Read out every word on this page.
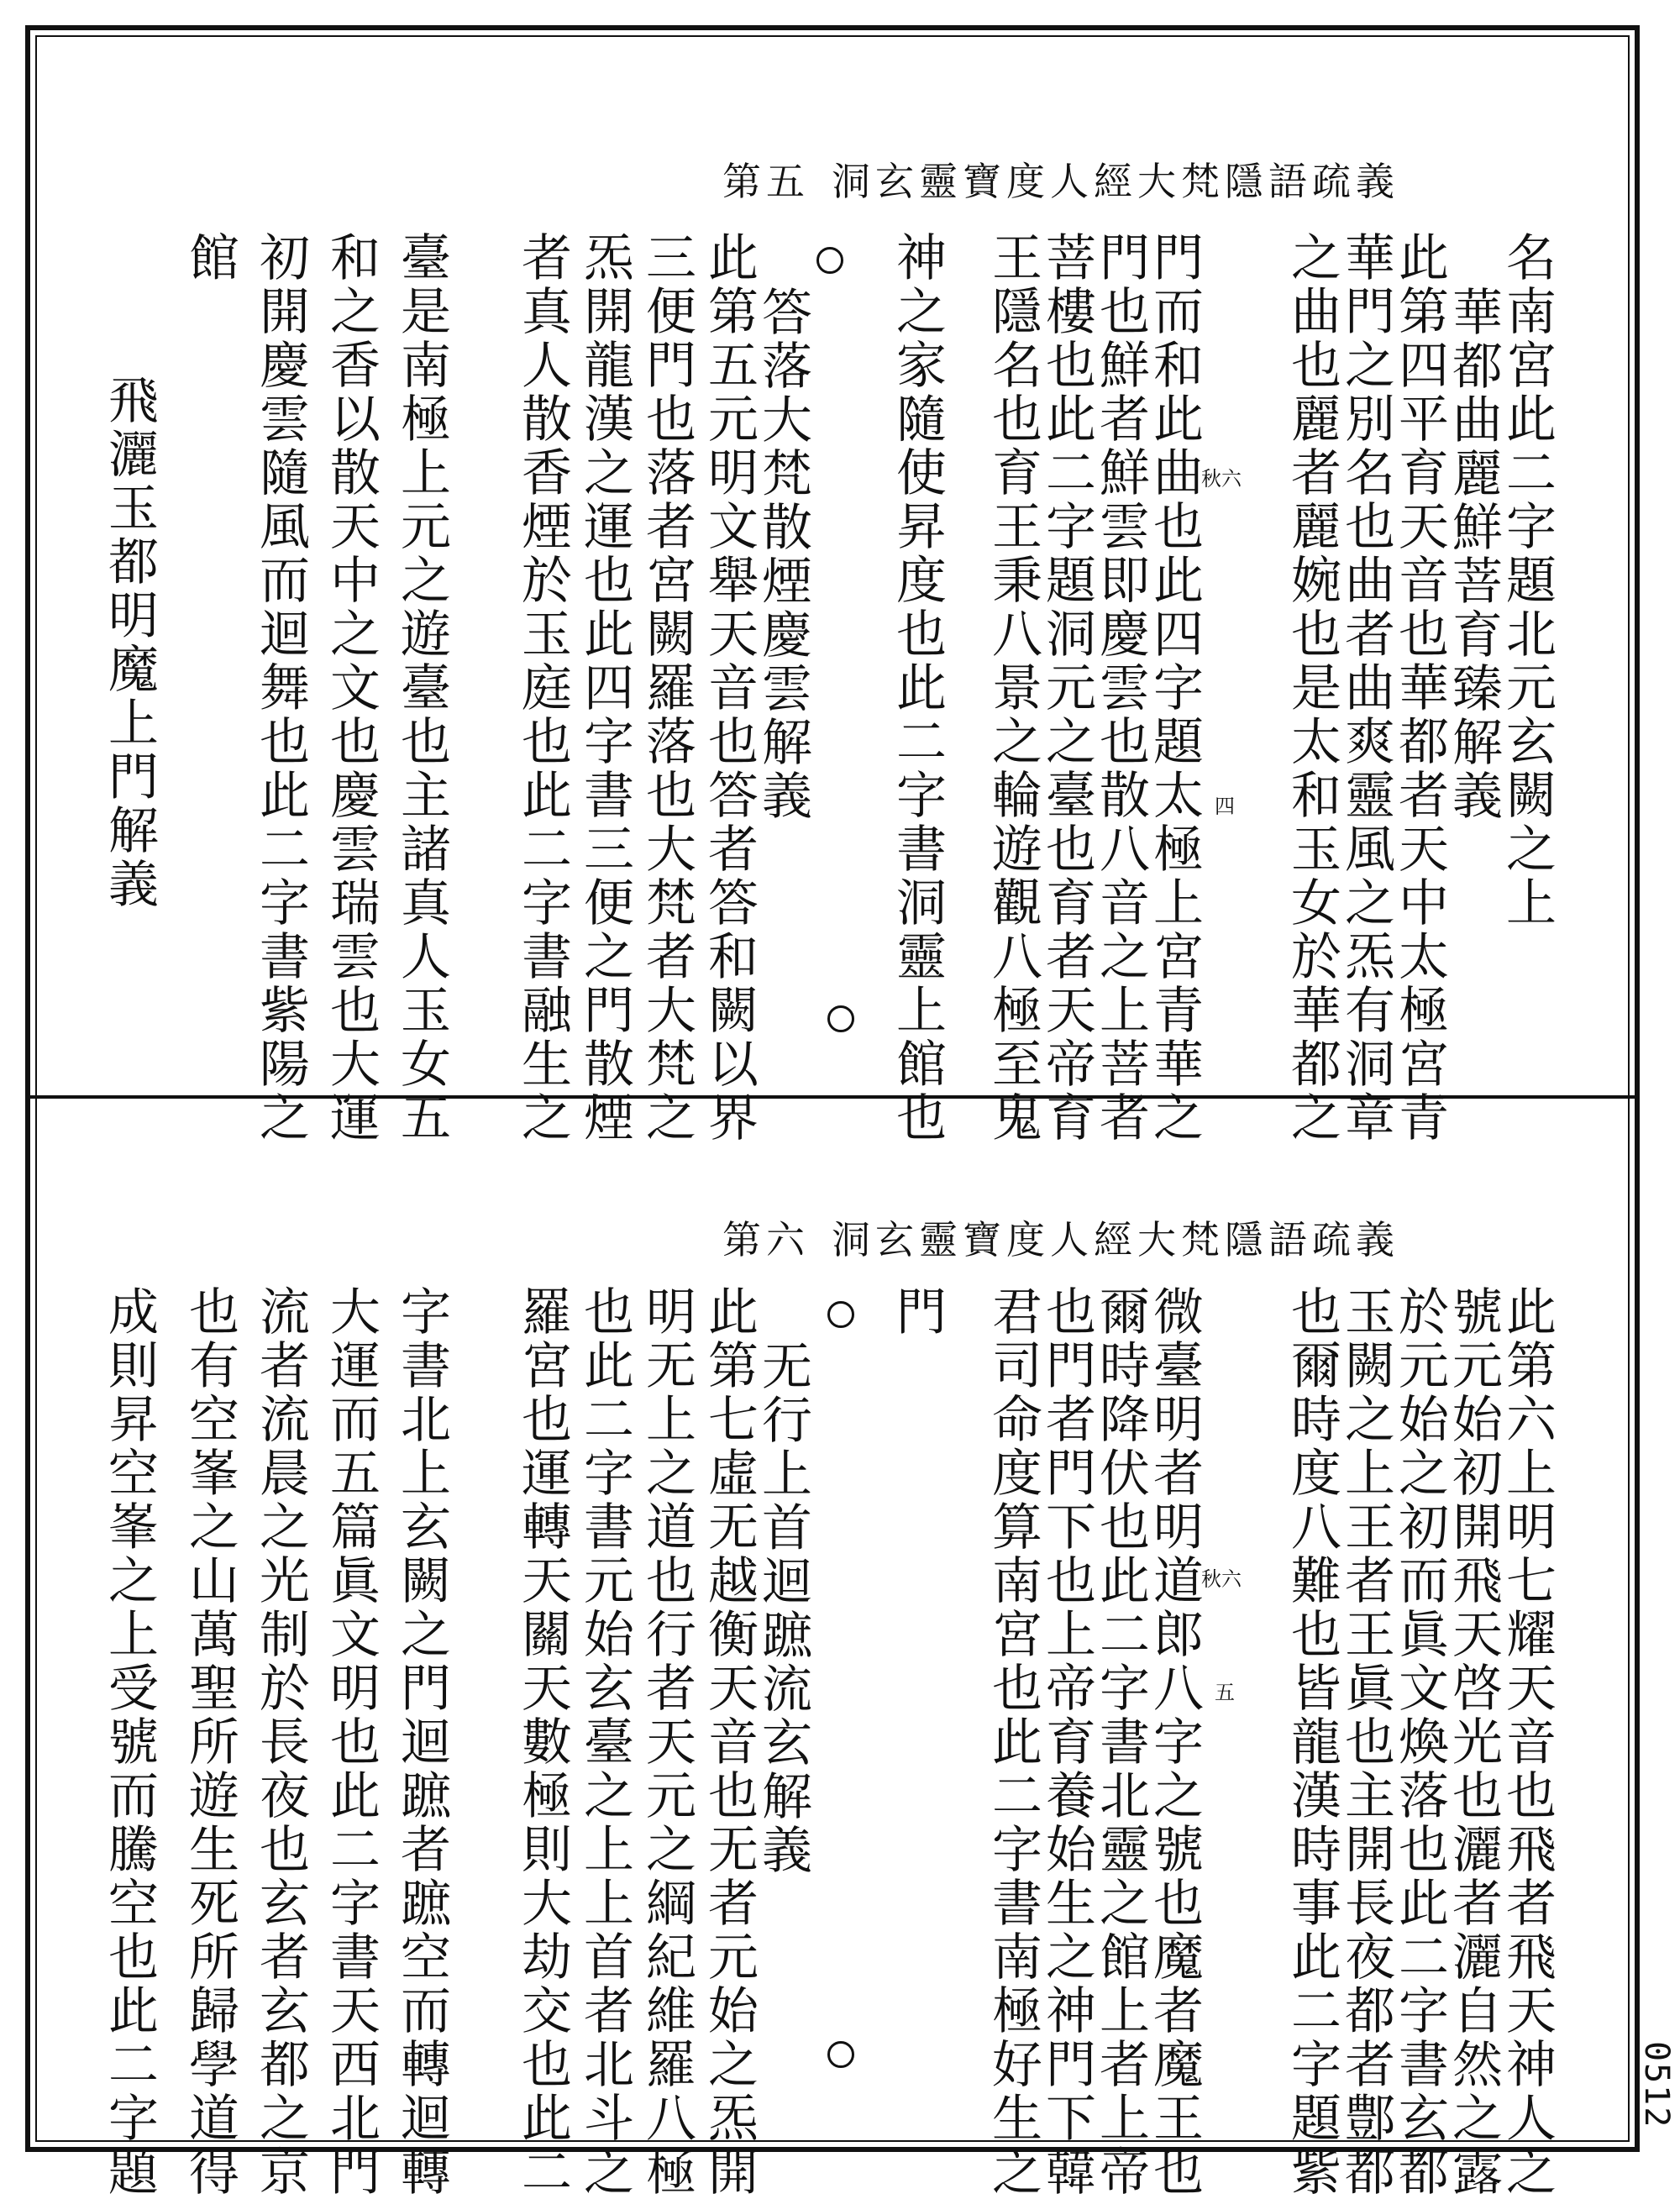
0512
洞玄靈寶度人經大梵隱語疏義
第五
秋六
四	名南宮此二字題北元玄闕之上
華都曲麗鮮菩育臻解義
此第四平育天音也華都者天中太極宮青
華門之別名也曲者曲爽靈風之炁有洞章
之曲也麗者麗婉也是太和玉女於華都之
門而和此曲也此四字題太極上宮青華之
門也鮮者鮮雲即慶雲也散八音之上菩者
菩樓也此二字題洞元之臺也育者天帝育
王隱名也育王秉八景之輪遊觀八極至鬼
神之家隨使昇度也此二字書洞靈上館也
答落大梵散煙慶雲解義
此第五元明文舉天音也答者答和闕以界
三便門也落者宮闕羅落也大梵者大梵之
炁開龍漢之運也此四字書三便之門散煙
者真人散香煙於玉庭也此二字書融生之
臺是南極上元之遊臺也主諸真人玉女五
和之香以散天中之文也慶雲瑞雲也大運
初開慶雲隨風而迴舞也此二字書紫陽之
館
飛灑玉都明魔上門解義
洞玄靈寶度人經大梵隱語疏義
第六
秋六
五	此第六上明七耀天音也飛者飛天神人之
號元始初開飛天啓光也灑者灑自然之露
於元始之初而眞文煥落也此二字書玄都
玉闕之上王者王眞也主開長夜都者鄷都
也爾時度八難也皆龍漢時事此二字題紫
微臺明者明道郎八字之號也魔者魔王也
爾時降伏也此二字書北靈之館上者上帝
也門者門下也上帝育養始生之神門下韓
君司命度算南宮也此二字書南極好生之
門
无行上首迴蹠流玄解義
此第七虛无越衡天音也无者元始之炁開
明无上之道也行者天元之綱紀維羅八極
也此二字書元始玄臺之上上首者北斗之
羅宮也運轉天關天數極則大劫交也此二
字書北上玄闕之門迴蹠者蹠空而轉迴轉
大運而五篇眞文明也此二字書天西北門
流者流晨之光制於長夜也玄者玄都之京
也有空峯之山萬聖所遊生死所歸學道得
成則昇空峯之上受號而騰空也此二字題
